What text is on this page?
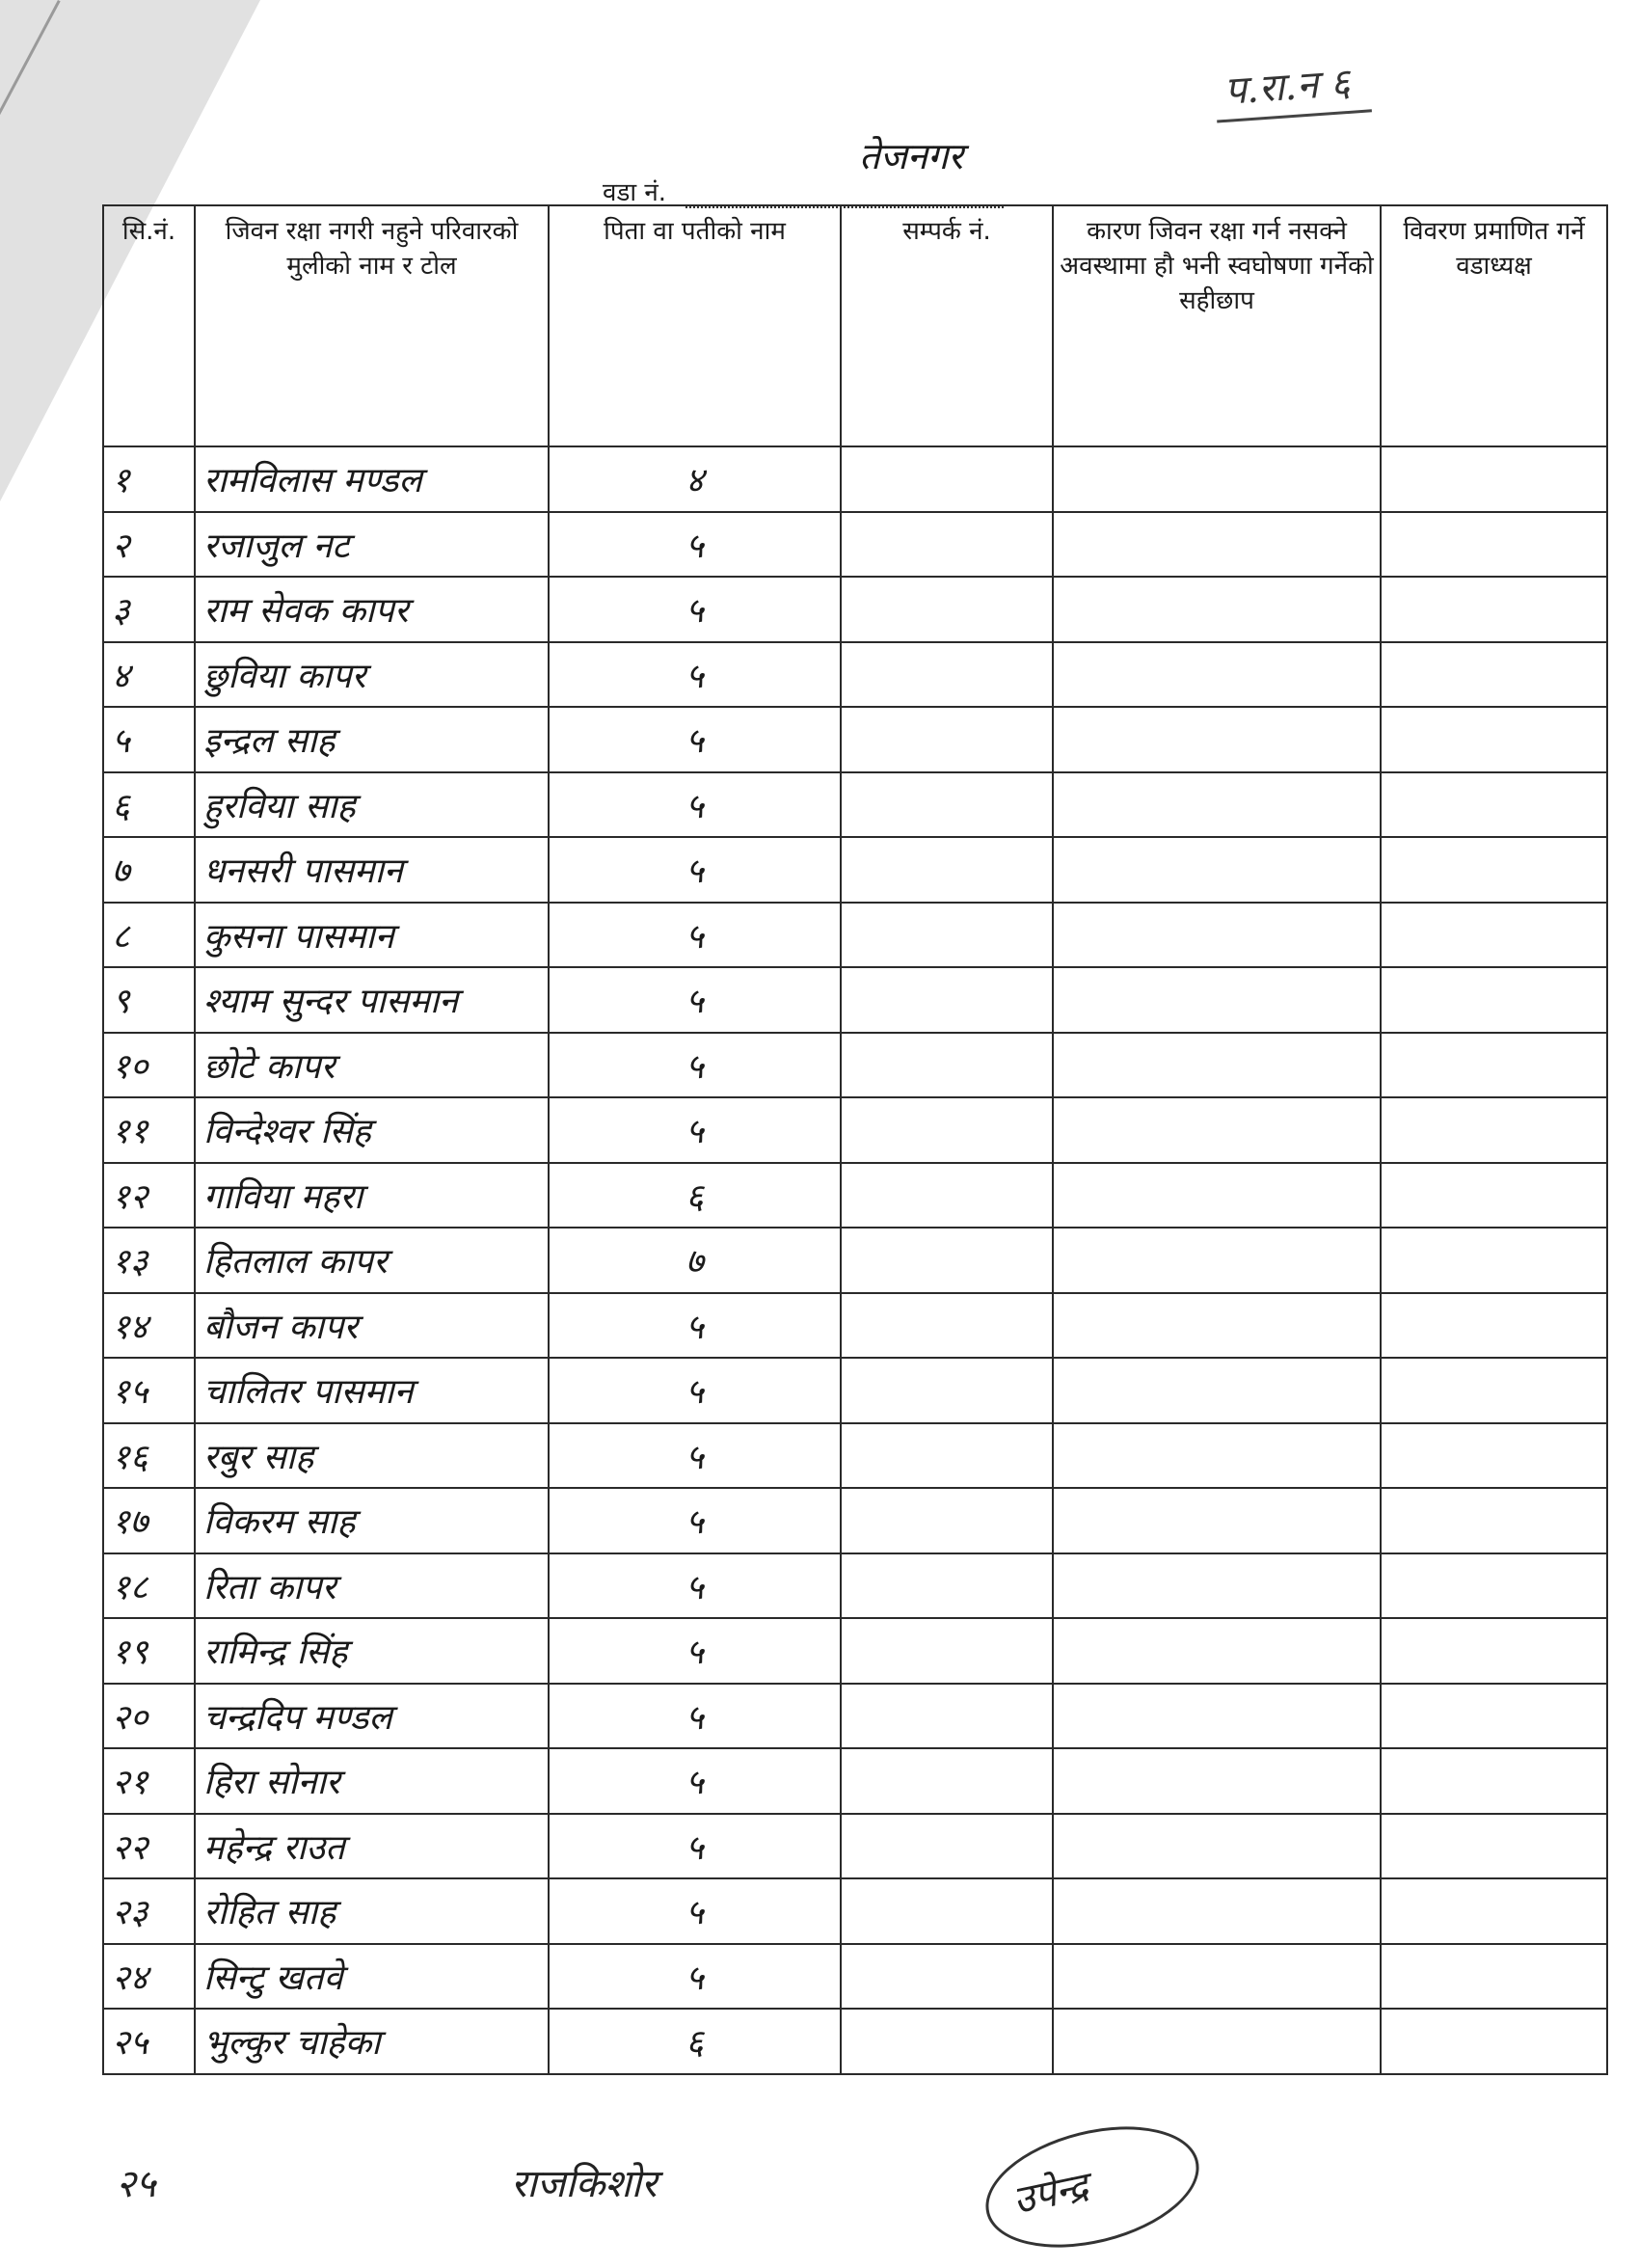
प.रा.न ६
वडा नं.
तेजनगर
सि.नं.	जिवन रक्षा नगरी नहुने परिवारको मुलीको नाम र टोल	पिता वा पतीको नाम	सम्पर्क नं.	कारण जिवन रक्षा गर्न नसक्ने अवस्थामा हौ भनी स्वघोषणा गर्नेको सहीछाप	विवरण प्रमाणित गर्ने वडाध्यक्ष
१	रामविलास मण्डल	४			
२	रजाजुल नट	५			
३	राम सेवक कापर	५			
४	छुविया कापर	५			
५	इन्द्रल साह	५			
६	हुरविया साह	५			
७	धनसरी पासमान	५			
८	कुसना पासमान	५			
९	श्याम सुन्दर पासमान	५			
१०	छोटे कापर	५			
११	विन्देश्वर सिंह	५			
१२	गाविया महरा	६			
१३	हितलाल कापर	७			
१४	बौजन कापर	५			
१५	चालितर पासमान	५			
१६	रबुर साह	५			
१७	विकरम साह	५			
१८	रिता कापर	५			
१९	रामिन्द्र सिंह	५			
२०	चन्द्रदिप मण्डल	५			
२१	हिरा सोनार	५			
२२	महेन्द्र राउत	५			
२३	रोहित साह	५			
२४	सिन्टु खतवे	५			
२५	भुल्कुर चाहेका	६			
२५	राजकिशोर	उपेन्द्र
